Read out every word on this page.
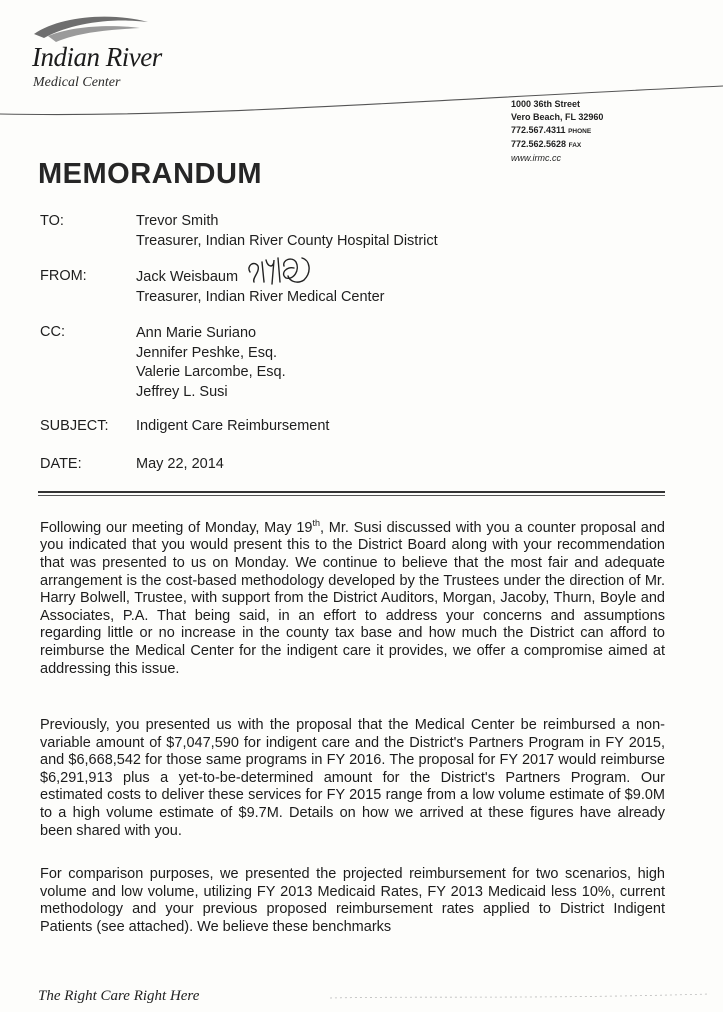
Indian River
Medical Center
1000 36th Street
Vero Beach, FL 32960
772.567.4311 PHONE
772.562.5628 FAX
www.irmc.cc
MEMORANDUM
TO:	Trevor Smith
Treasurer, Indian River County Hospital District
FROM:	Jack Weisbaum
Treasurer, Indian River Medical Center
CC:	Ann Marie Suriano
Jennifer Peshke, Esq.
Valerie Larcombe, Esq.
Jeffrey L. Susi
SUBJECT: Indigent Care Reimbursement
DATE:	May 22, 2014

Following our meeting of Monday, May 19th, Mr. Susi discussed with you a counter proposal and you indicated that you would present this to the District Board along with your recommendation that was presented to us on Monday. We continue to believe that the most fair and adequate arrangement is the cost-based methodology developed by the Trustees under the direction of Mr. Harry Bolwell, Trustee, with support from the District Auditors, Morgan, Jacoby, Thurn, Boyle and Associates, P.A. That being said, in an effort to address your concerns and assumptions regarding little or no increase in the county tax base and how much the District can afford to reimburse the Medical Center for the indigent care it provides, we offer a compromise aimed at addressing this issue.

Previously, you presented us with the proposal that the Medical Center be reimbursed a non-variable amount of $7,047,590 for indigent care and the District's Partners Program in FY 2015, and $6,668,542 for those same programs in FY 2016. The proposal for FY 2017 would reimburse $6,291,913 plus a yet-to-be-determined amount for the District's Partners Program. Our estimated costs to deliver these services for FY 2015 range from a low volume estimate of $9.0M to a high volume estimate of $9.7M. Details on how we arrived at these figures have already been shared with you.

For comparison purposes, we presented the projected reimbursement for two scenarios, high volume and low volume, utilizing FY 2013 Medicaid Rates, FY 2013 Medicaid less 10%, current methodology and your previous proposed reimbursement rates applied to District Indigent Patients (see attached). We believe these benchmarks

The Right Care Right Here
